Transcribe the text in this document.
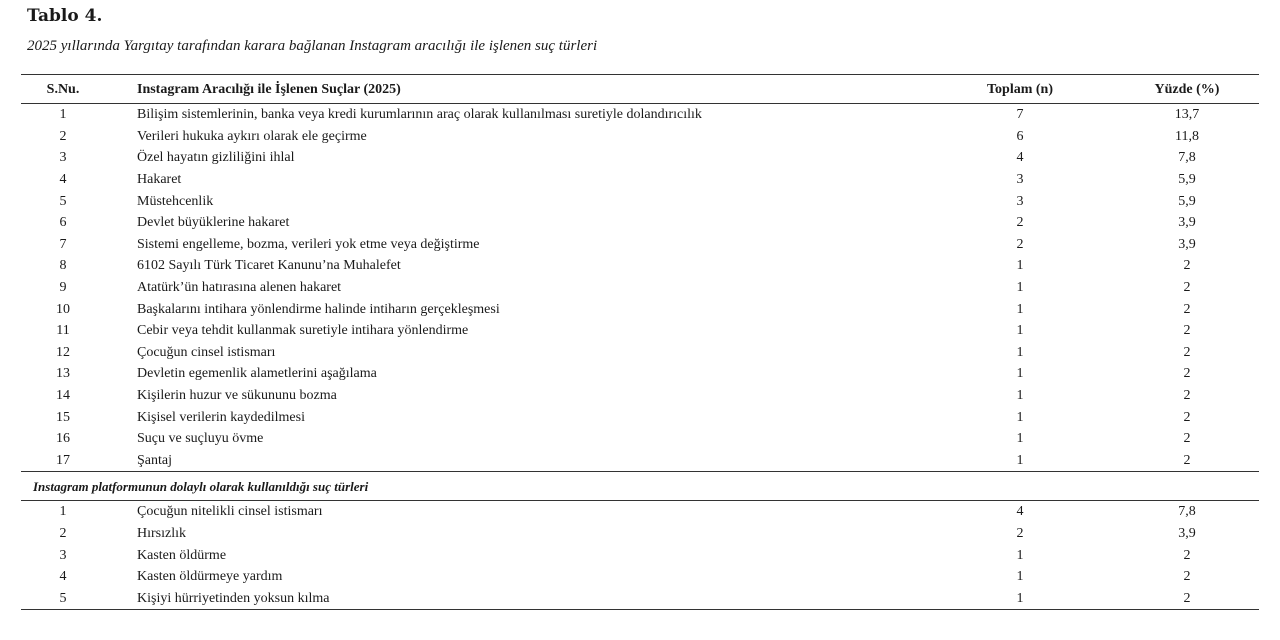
Tablo 4.
2025 yıllarında Yargıtay tarafından karara bağlanan Instagram aracılığı ile işlenen suç türleri
S.Nu.	Instagram Aracılığı ile İşlenen Suçlar (2025)	Toplam (n)	Yüzde (%)
1	Bilişim sistemlerinin, banka veya kredi kurumlarının araç olarak kullanılması suretiyle dolandırıcılık	7	13,7
2	Verileri hukuka aykırı olarak ele geçirme	6	11,8
3	Özel hayatın gizliliğini ihlal	4	7,8
4	Hakaret	3	5,9
5	Müstehcenlik	3	5,9
6	Devlet büyüklerine hakaret	2	3,9
7	Sistemi engelleme, bozma, verileri yok etme veya değiştirme	2	3,9
8	6102 Sayılı Türk Ticaret Kanunu’na Muhalefet	1	2
9	Atatürk’ün hatırasına alenen hakaret	1	2
10	Başkalarını intihara yönlendirme halinde intiharın gerçekleşmesi	1	2
11	Cebir veya tehdit kullanmak suretiyle intihara yönlendirme	1	2
12	Çocuğun cinsel istismarı	1	2
13	Devletin egemenlik alametlerini aşağılama	1	2
14	Kişilerin huzur ve sükununu bozma	1	2
15	Kişisel verilerin kaydedilmesi	1	2
16	Suçu ve suçluyu övme	1	2
17	Şantaj	1	2
Instagram platformunun dolaylı olarak kullanıldığı suç türleri			
1	Çocuğun nitelikli cinsel istismarı	4	7,8
2	Hırsızlık	2	3,9
3	Kasten öldürme	1	2
4	Kasten öldürmeye yardım	1	2
5	Kişiyi hürriyetinden yoksun kılma	1	2
